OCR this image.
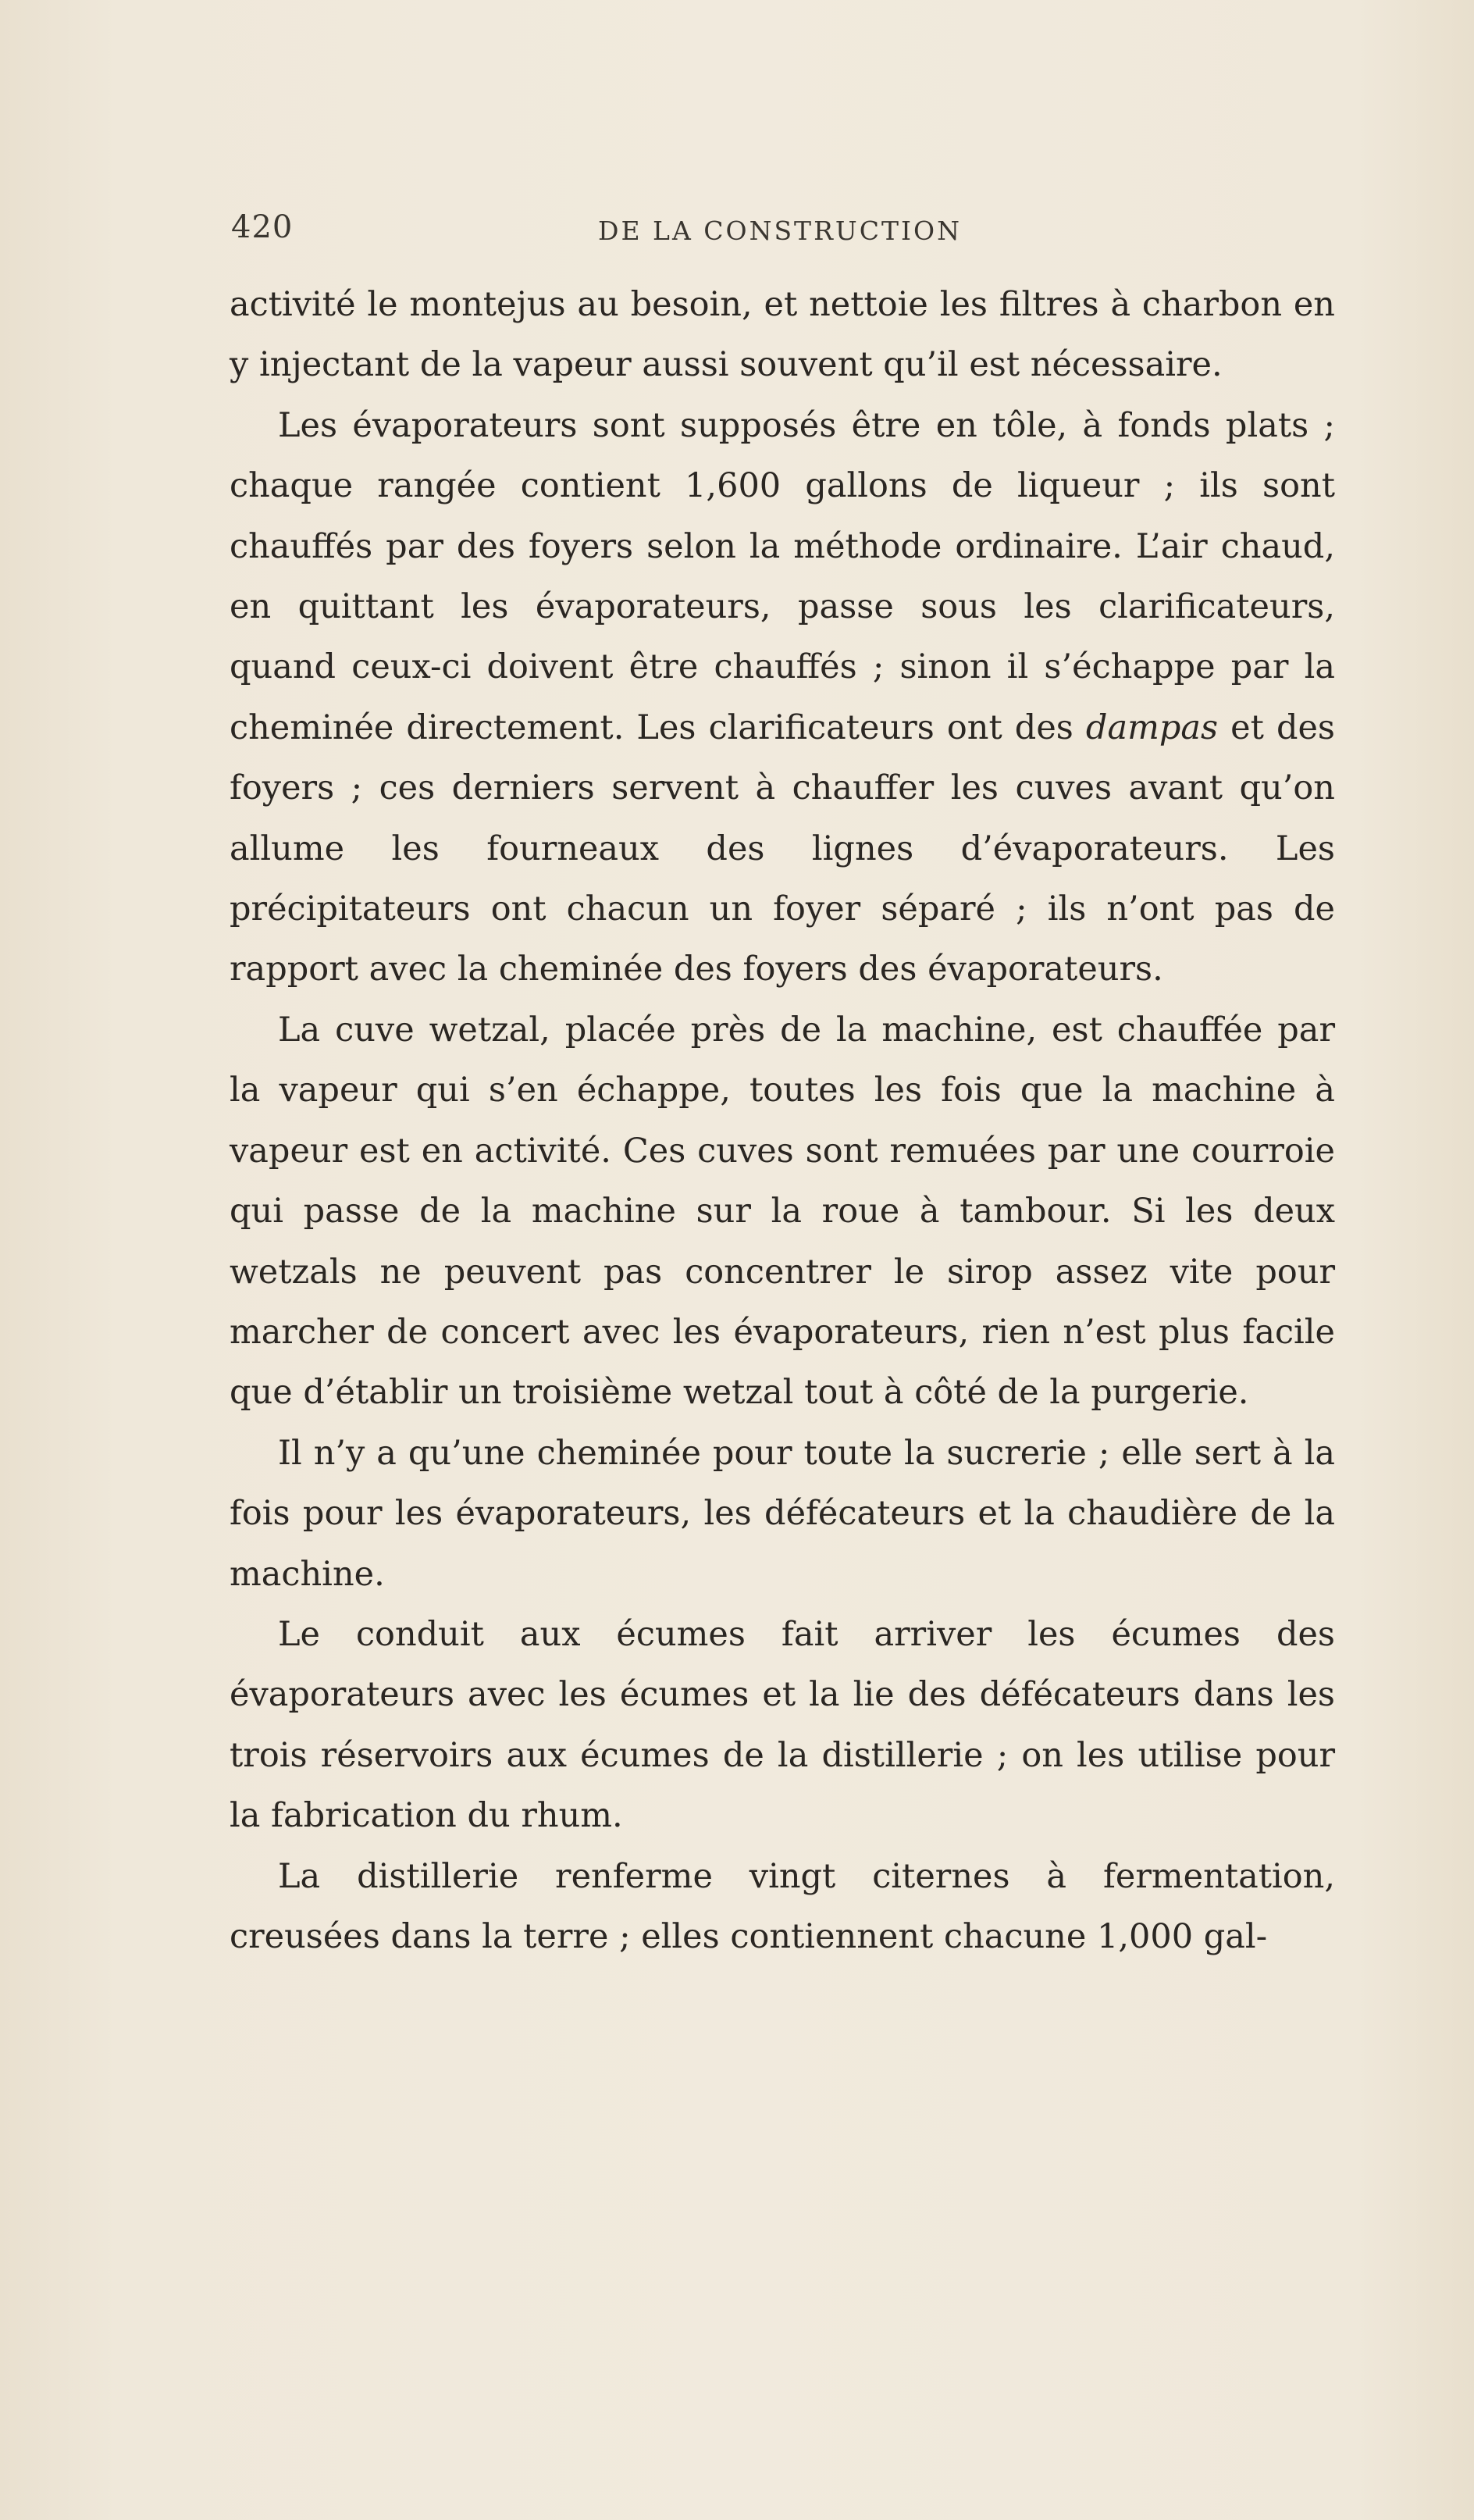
420	DE LA CONSTRUCTION

activité le montejus au besoin, et nettoie les filtres à charbon en y injectant de la vapeur aussi souvent qu’il est nécessaire.

Les évaporateurs sont supposés être en tôle, à fonds plats ; chaque rangée contient 1,600 gallons de liqueur ; ils sont chauffés par des foyers selon la méthode ordinaire. L’air chaud, en quittant les évaporateurs, passe sous les clarificateurs, quand ceux-ci doivent être chauffés ; sinon il s’échappe par la cheminée directement. Les clarificateurs ont des dampas et des foyers ; ces derniers servent à chauffer les cuves avant qu’on allume les fourneaux des lignes d’évaporateurs. Les précipitateurs ont chacun un foyer séparé ; ils n’ont pas de rapport avec la cheminée des foyers des évaporateurs.

La cuve wetzal, placée près de la machine, est chauffée par la vapeur qui s’en échappe, toutes les fois que la machine à vapeur est en activité. Ces cuves sont remuées par une courroie qui passe de la machine sur la roue à tambour. Si les deux wetzals ne peuvent pas concentrer le sirop assez vite pour marcher de concert avec les évaporateurs, rien n’est plus facile que d’établir un troisième wetzal tout à côté de la purgerie.

Il n’y a qu’une cheminée pour toute la sucrerie ; elle sert à la fois pour les évaporateurs, les défécateurs et la chaudière de la machine.

Le conduit aux écumes fait arriver les écumes des évaporateurs avec les écumes et la lie des défécateurs dans les trois réservoirs aux écumes de la distillerie ; on les utilise pour la fabrication du rhum.

La distillerie renferme vingt citernes à fermentation, creusées dans la terre ; elles contiennent chacune 1,000 gal-
